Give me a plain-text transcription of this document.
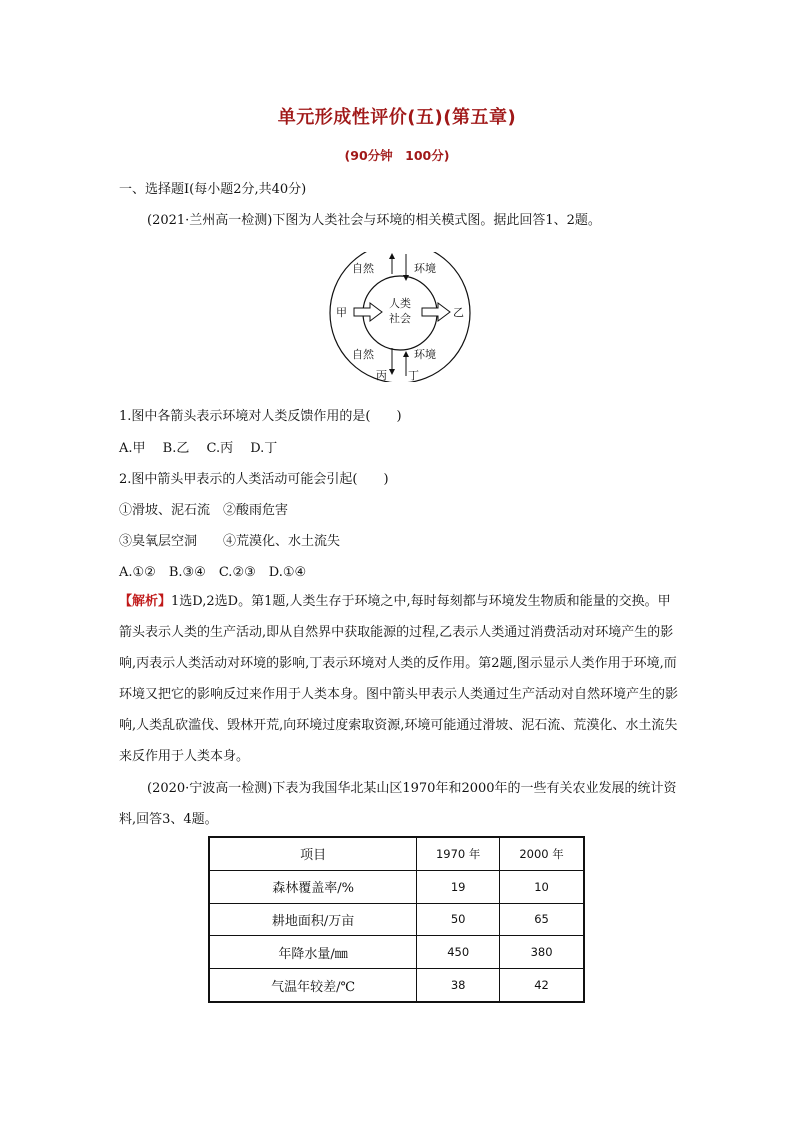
单元形成性评价(五)(第五章)
(90分钟　100分)
一、选择题Ⅰ(每小题2分,共40分)
(2021·兰州高一检测)下图为人类社会与环境的相关模式图。据此回答1、2题。
自然	环境
人类
社会
甲	乙
自然	环境
丙 丁
1.图中各箭头表示环境对人类反馈作用的是(　　)
A.甲　 B.乙　 C.丙　 D.丁
2.图中箭头甲表示的人类活动可能会引起(　　)
①滑坡、泥石流　②酸雨危害
③臭氧层空洞　　④荒漠化、水土流失
A.①②　B.③④　C.②③　D.①④
【解析】1选D,2选D。第1题,人类生存于环境之中,每时每刻都与环境发生物质和能量的交换。甲箭头表示人类的生产活动,即从自然界中获取能源的过程,乙表示人类通过消费活动对环境产生的影响,丙表示人类活动对环境的影响,丁表示环境对人类的反作用。第2题,图示显示人类作用于环境,而环境又把它的影响反过来作用于人类本身。图中箭头甲表示人类通过生产活动对自然环境产生的影响,人类乱砍滥伐、毁林开荒,向环境过度索取资源,环境可能通过滑坡、泥石流、荒漠化、水土流失来反作用于人类本身。
(2020·宁波高一检测)下表为我国华北某山区1970年和2000年的一些有关农业发展的统计资料,回答3、4题。
项目	1970 年	2000 年
森林覆盖率/%	19	10
耕地面积/万亩	50	65
年降水量/㎜	450	380
气温年较差/℃	38	42
